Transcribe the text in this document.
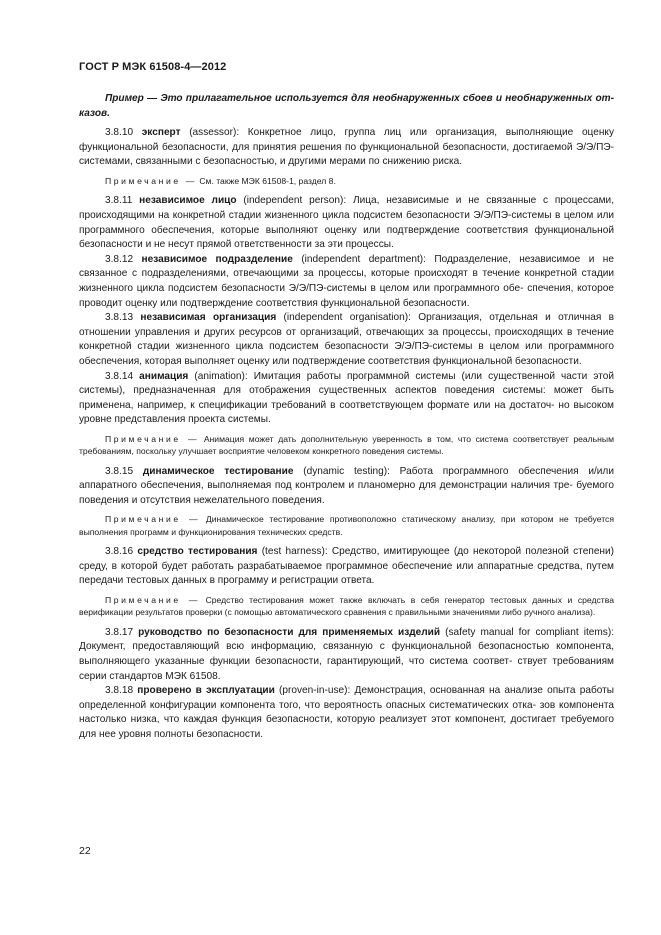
ГОСТ Р МЭК 61508-4—2012

Пример — Это прилагательное используется для необнаруженных сбоев и необнаруженных от- казов.

3.8.10 эксперт (assessor): Конкретное лицо, группа лиц или организация, выполняющие оценку функциональной безопасности, для принятия решения по функциональной безопасности, достигаемой Э/Э/ПЭ-системами, связанными с безопасностью, и другими мерами по снижению риска.

Примечание — См. также МЭК 61508-1, раздел 8.

3.8.11 независимое лицо (independent person): Лица, независимые и не связанные с процессами, происходящими на конкретной стадии жизненного цикла подсистем безопасности Э/Э/ПЭ-системы в целом или программного обеспечения, которые выполняют оценку или подтверждение соответствия функциональной безопасности и не несут прямой ответственности за эти процессы.

3.8.12 независимое подразделение (independent department): Подразделение, независимое и не связанное с подразделениями, отвечающими за процессы, которые происходят в течение конкретной стадии жизненного цикла подсистем безопасности Э/Э/ПЭ-системы в целом или программного обе- спечения, которое проводит оценку или подтверждение соответствия функциональной безопасности.

3.8.13 независимая организация (independent organisation): Организация, отдельная и отличная в отношении управления и других ресурсов от организаций, отвечающих за процессы, происходящих в течение конкретной стадии жизненного цикла подсистем безопасности Э/Э/ПЭ-системы в целом или программного обеспечения, которая выполняет оценку или подтверждение соответствия функциональной безопасности.

3.8.14 анимация (animation): Имитация работы программной системы (или существенной части этой системы), предназначенная для отображения существенных аспектов поведения системы: может быть применена, например, к спецификации требований в соответствующем формате или на достаточ- но высоком уровне представления проекта системы.

Примечание — Анимация может дать дополнительную уверенность в том, что система соответствует реальным требованиям, поскольку улучшает восприятие человеком конкретного поведения системы.

3.8.15 динамическое тестирование (dynamic testing): Работа программного обеспечения и/или аппаратного обеспечения, выполняемая под контролем и планомерно для демонстрации наличия тре- буемого поведения и отсутствия нежелательного поведения.

Примечание — Динамическое тестирование противоположно статическому анализу, при котором не требуется выполнения программ и функционирования технических средств.

3.8.16 средство тестирования (test harness): Средство, имитирующее (до некоторой полезной степени) среду, в которой будет работать разрабатываемое программное обеспечение или аппаратные средства, путем передачи тестовых данных в программу и регистрации ответа.

Примечание — Средство тестирования может также включать в себя генератор тестовых данных и средства верификации результатов проверки (с помощью автоматического сравнения с правильными значениями либо ручного анализа).

3.8.17 руководство по безопасности для применяемых изделий (safety manual for compliant items): Документ, предоставляющий всю информацию, связанную с функциональной безопасностью компонента, выполняющего указанные функции безопасности, гарантирующий, что система соответ- ствует требованиям серии стандартов МЭК 61508.

3.8.18 проверено в эксплуатации (proven-in-use): Демонстрация, основанная на анализе опыта работы определенной конфигурации компонента того, что вероятность опасных систематических отка- зов компонента настолько низка, что каждая функция безопасности, которую реализует этот компонент, достигает требуемого для нее уровня полноты безопасности.

22
